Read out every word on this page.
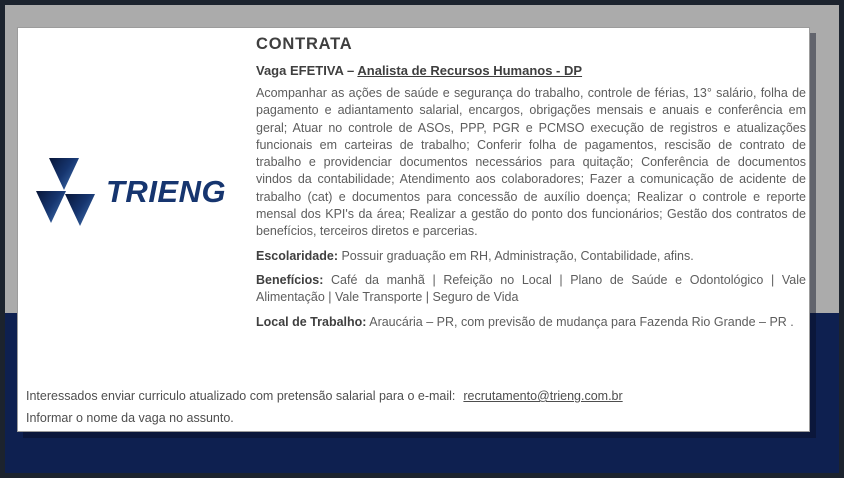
TRIENG
CONTRATA
Vaga EFETIVA – Analista de Recursos Humanos - DP

Acompanhar as ações de saúde e segurança do trabalho, controle de férias, 13° salário, folha de pagamento e adiantamento salarial, encargos, obrigações mensais e anuais e conferência em geral; Atuar no controle de ASOs, PPP, PGR e PCMSO execução de registros e atualizações funcionais em carteiras de trabalho; Conferir folha de pagamentos, rescisão de contrato de trabalho e providenciar documentos necessários para quitação; Conferência de documentos vindos da contabilidade; Atendimento aos colaboradores; Fazer a comunicação de acidente de trabalho (cat) e documentos para concessão de auxílio doença; Realizar o controle e reporte mensal dos KPI's da área; Realizar a gestão do ponto dos funcionários; Gestão dos contratos de benefícios, terceiros diretos e parcerias.

Escolaridade: Possuir graduação em RH, Administração, Contabilidade, afins.

Benefícios: Café da manhã | Refeição no Local | Plano de Saúde e Odontológico | Vale Alimentação | Vale Transporte | Seguro de Vida

Local de Trabalho: Araucária – PR, com previsão de mudança para Fazenda Rio Grande – PR .

Interessados enviar curriculo atualizado com pretensão salarial para o e-mail: recrutamento@trieng.com.br
Informar o nome da vaga no assunto.
